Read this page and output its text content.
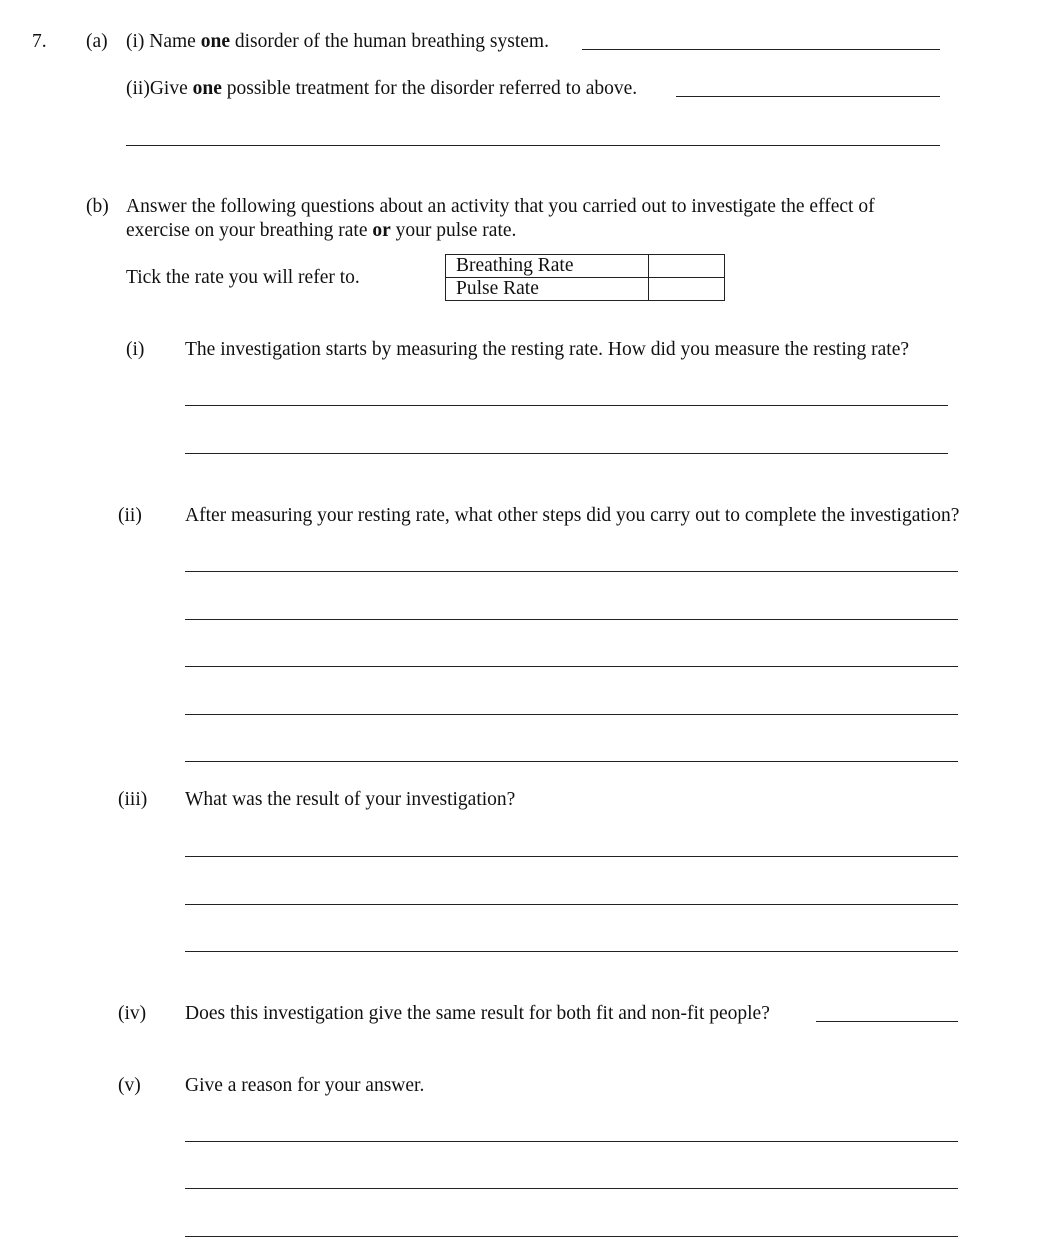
7. (a) (i) Name one disorder of the human breathing system.
(ii)Give one possible treatment for the disorder referred to above.
(b) Answer the following questions about an activity that you carried out to investigate the effect of
exercise on your breathing rate or your pulse rate.
Tick the rate you will refer to.
Breathing Rate	
Pulse Rate	
(i) The investigation starts by measuring the resting rate. How did you measure the resting rate?
(ii) After measuring your resting rate, what other steps did you carry out to complete the investigation?
(iii) What was the result of your investigation?
(iv) Does this investigation give the same result for both fit and non-fit people?
(v) Give a reason for your answer.
